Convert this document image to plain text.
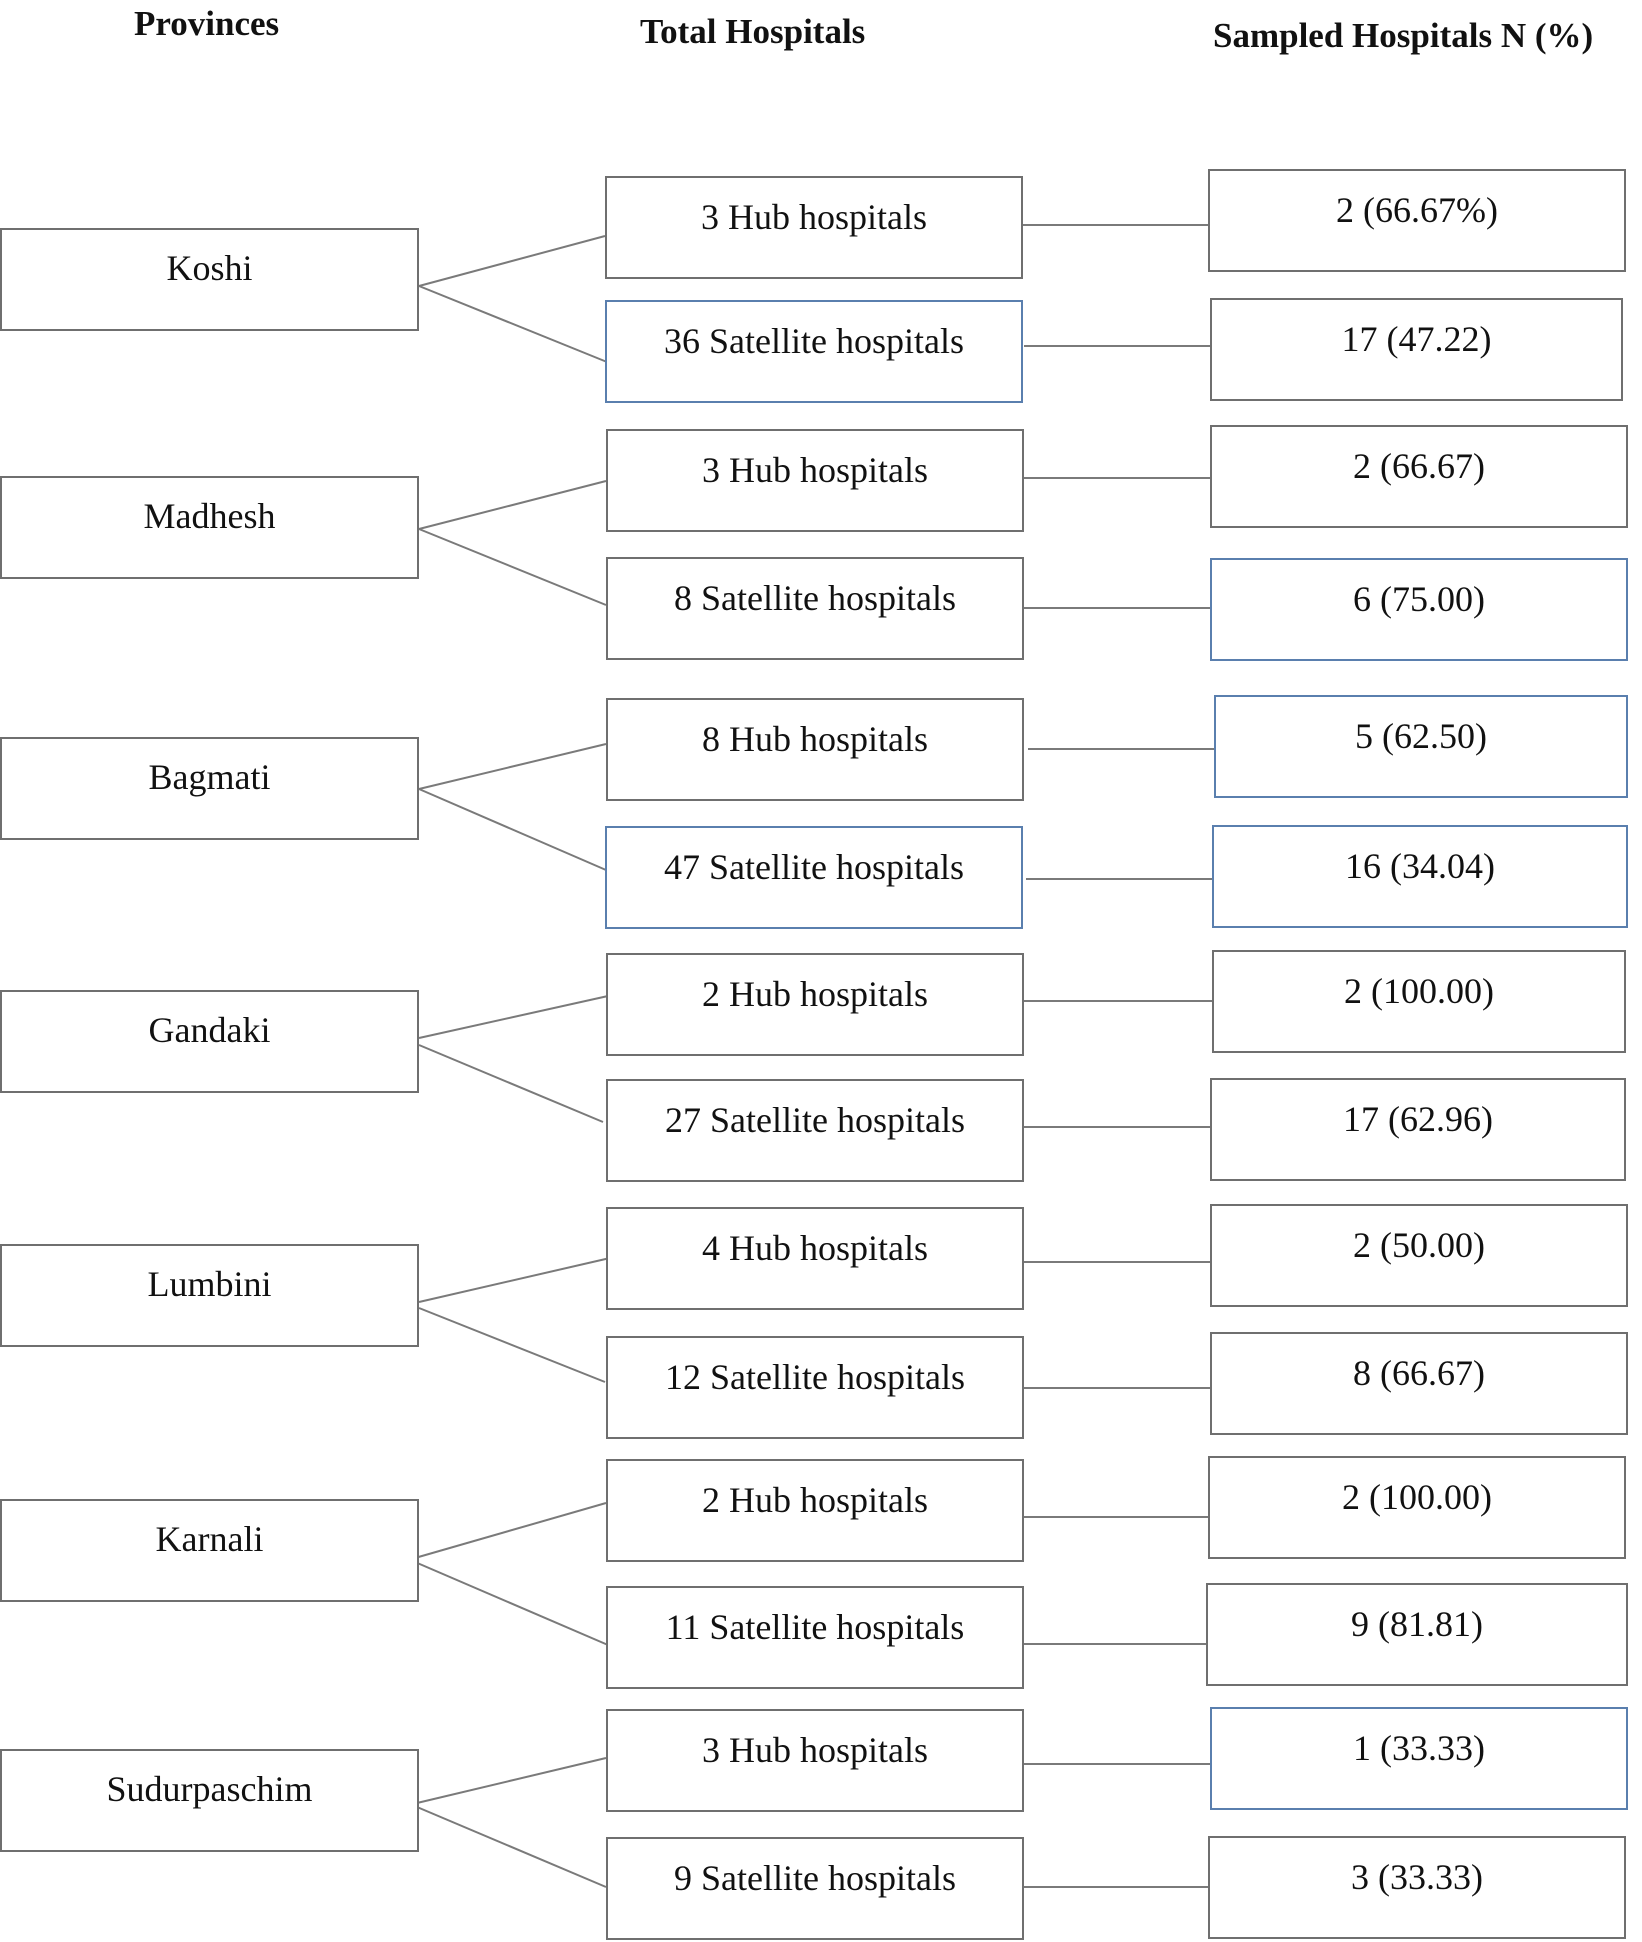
Provinces	Total Hospitals	Sampled Hospitals N (%)
Koshi
3 Hub hospitals
36 Satellite hospitals
2 (66.67%)
17 (47.22)
Madhesh
3 Hub hospitals
8 Satellite hospitals
2 (66.67)
6 (75.00)
Bagmati
8 Hub hospitals
47 Satellite hospitals
5 (62.50)
16 (34.04)
Gandaki
2 Hub hospitals
27 Satellite hospitals
2 (100.00)
17 (62.96)
Lumbini
4 Hub hospitals
12 Satellite hospitals
2 (50.00)
8 (66.67)
Karnali
2 Hub hospitals
11 Satellite hospitals
2 (100.00)
9 (81.81)
Sudurpaschim
3 Hub hospitals
9 Satellite hospitals
1 (33.33)
3 (33.33)
